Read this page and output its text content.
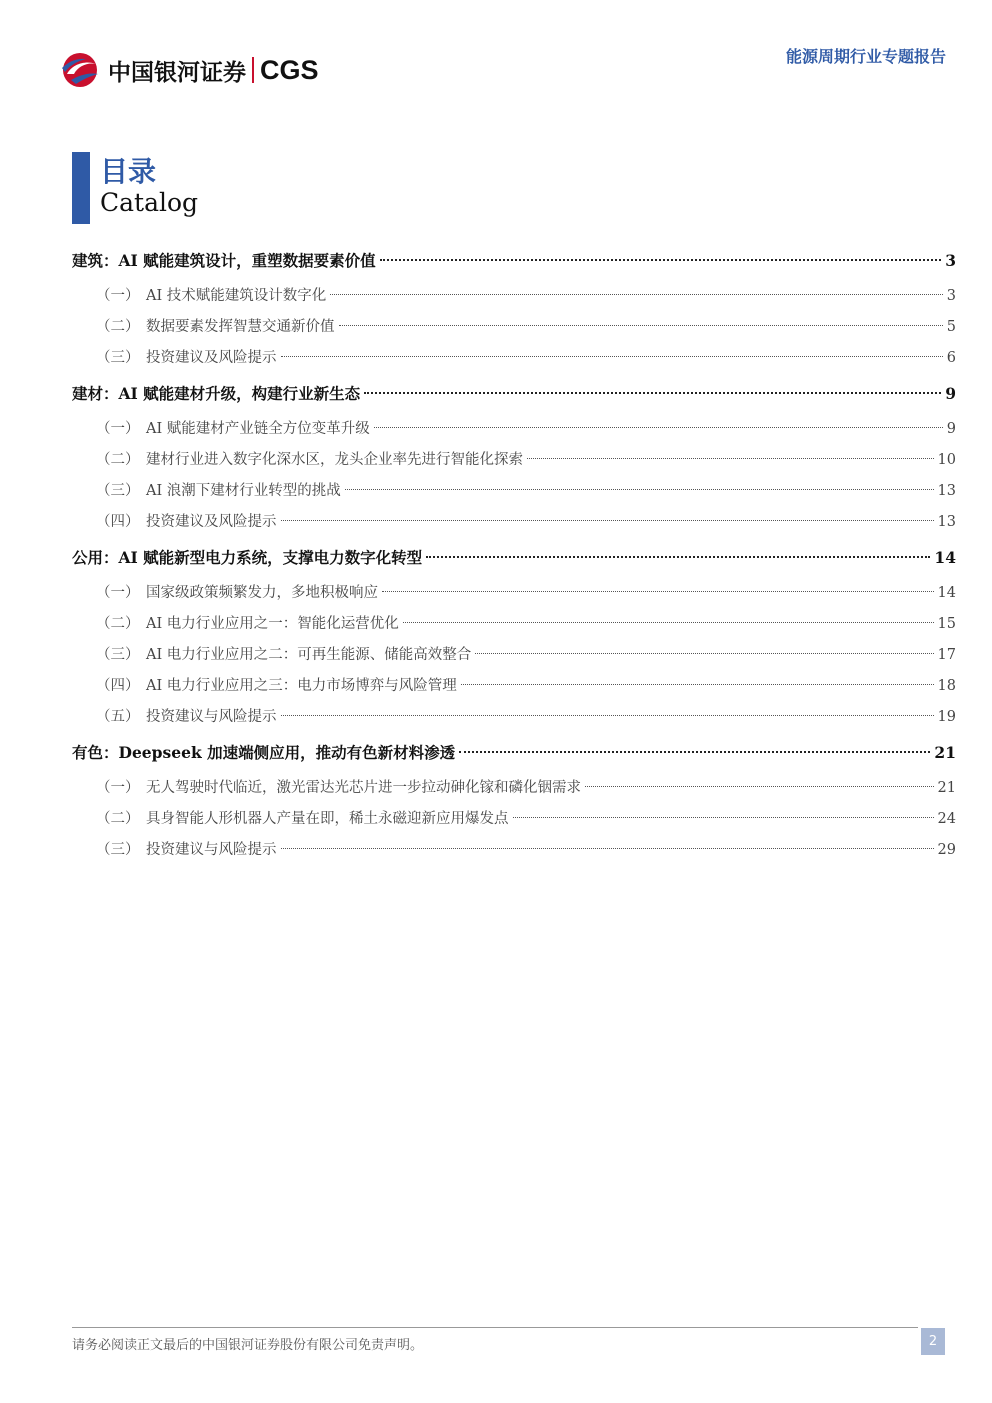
中国银河证券 CGS	能源周期行业专题报告
目录
Catalog
建筑：AI 赋能建筑设计，重塑数据要素价值	3
（一） AI 技术赋能建筑设计数字化	3
（二） 数据要素发挥智慧交通新价值	5
（三） 投资建议及风险提示	6
建材：AI 赋能建材升级，构建行业新生态	9
（一） AI 赋能建材产业链全方位变革升级	9
（二） 建材行业进入数字化深水区，龙头企业率先进行智能化探索	10
（三） AI 浪潮下建材行业转型的挑战	13
（四） 投资建议及风险提示	13
公用：AI 赋能新型电力系统，支撑电力数字化转型	14
（一） 国家级政策频繁发力，多地积极响应	14
（二） AI 电力行业应用之一：智能化运营优化	15
（三） AI 电力行业应用之二：可再生能源、储能高效整合	17
（四） AI 电力行业应用之三：电力市场博弈与风险管理	18
（五） 投资建议与风险提示	19
有色：Deepseek 加速端侧应用，推动有色新材料渗透	21
（一） 无人驾驶时代临近，激光雷达光芯片进一步拉动砷化镓和磷化铟需求	21
（二） 具身智能人形机器人产量在即，稀土永磁迎新应用爆发点	24
（三） 投资建议与风险提示	29
请务必阅读正文最后的中国银河证券股份有限公司免责声明。	2
